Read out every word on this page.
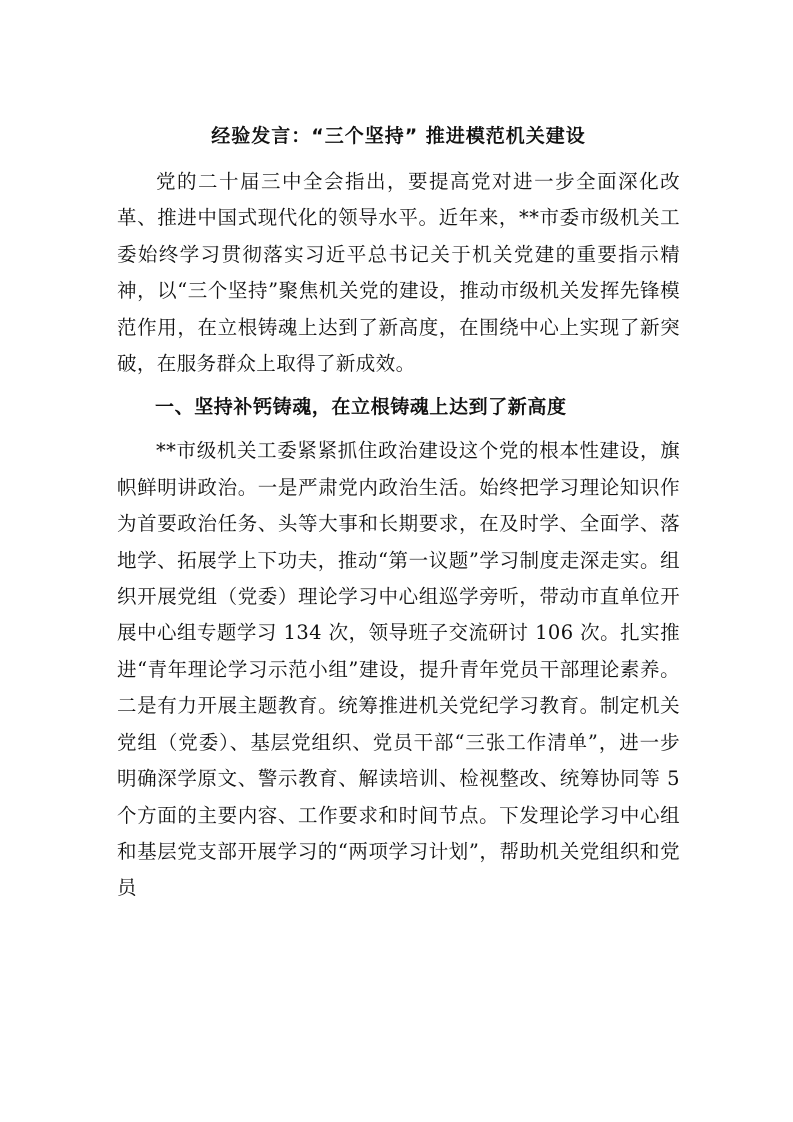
经验发言：“三个坚持” 推进模范机关建设

党的二十届三中全会指出，要提高党对进一步全面深化改革、推进中国式现代化的领导水平。近年来，**市委市级机关工委始终学习贯彻落实习近平总书记关于机关党建的重要指示精神，以“三个坚持”聚焦机关党的建设，推动市级机关发挥先锋模范作用，在立根铸魂上达到了新高度，在围绕中心上实现了新突破，在服务群众上取得了新成效。

一、坚持补钙铸魂，在立根铸魂上达到了新高度

**市级机关工委紧紧抓住政治建设这个党的根本性建设，旗帜鲜明讲政治。一是严肃党内政治生活。始终把学习理论知识作为首要政治任务、头等大事和长期要求，在及时学、全面学、落地学、拓展学上下功夫，推动“第一议题”学习制度走深走实。组织开展党组（党委）理论学习中心组巡学旁听，带动市直单位开展中心组专题学习 134 次，领导班子交流研讨 106 次。扎实推进“青年理论学习示范小组”建设，提升青年党员干部理论素养。二是有力开展主题教育。统筹推进机关党纪学习教育。制定机关党组（党委）、基层党组织、党员干部“三张工作清单”，进一步明确深学原文、警示教育、解读培训、检视整改、统筹协同等 5 个方面的主要内容、工作要求和时间节点。下发理论学习中心组和基层党支部开展学习的“两项学习计划”，帮助机关党组织和党员
